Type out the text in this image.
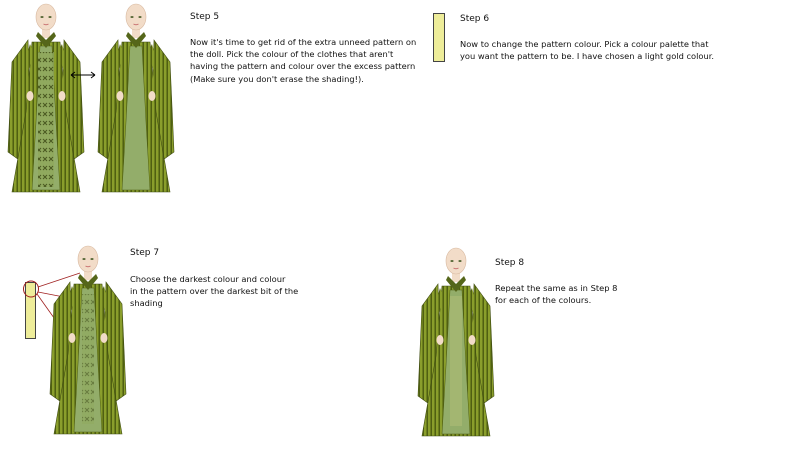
Step 5
Now it's time to get rid of the extra unneed pattern on
the doll. Pick the colour of the clothes that aren't
having the pattern and colour over the excess pattern
(Make sure you don't erase the shading!).
Step 6
Now to change the pattern colour. Pick a colour palette that
you want the pattern to be. I have chosen a light gold colour.
Step 7
Choose the darkest colour and colour
in the pattern over the darkest bit of the
shading
Step 8
Repeat the same as in Step 8
for each of the colours.
